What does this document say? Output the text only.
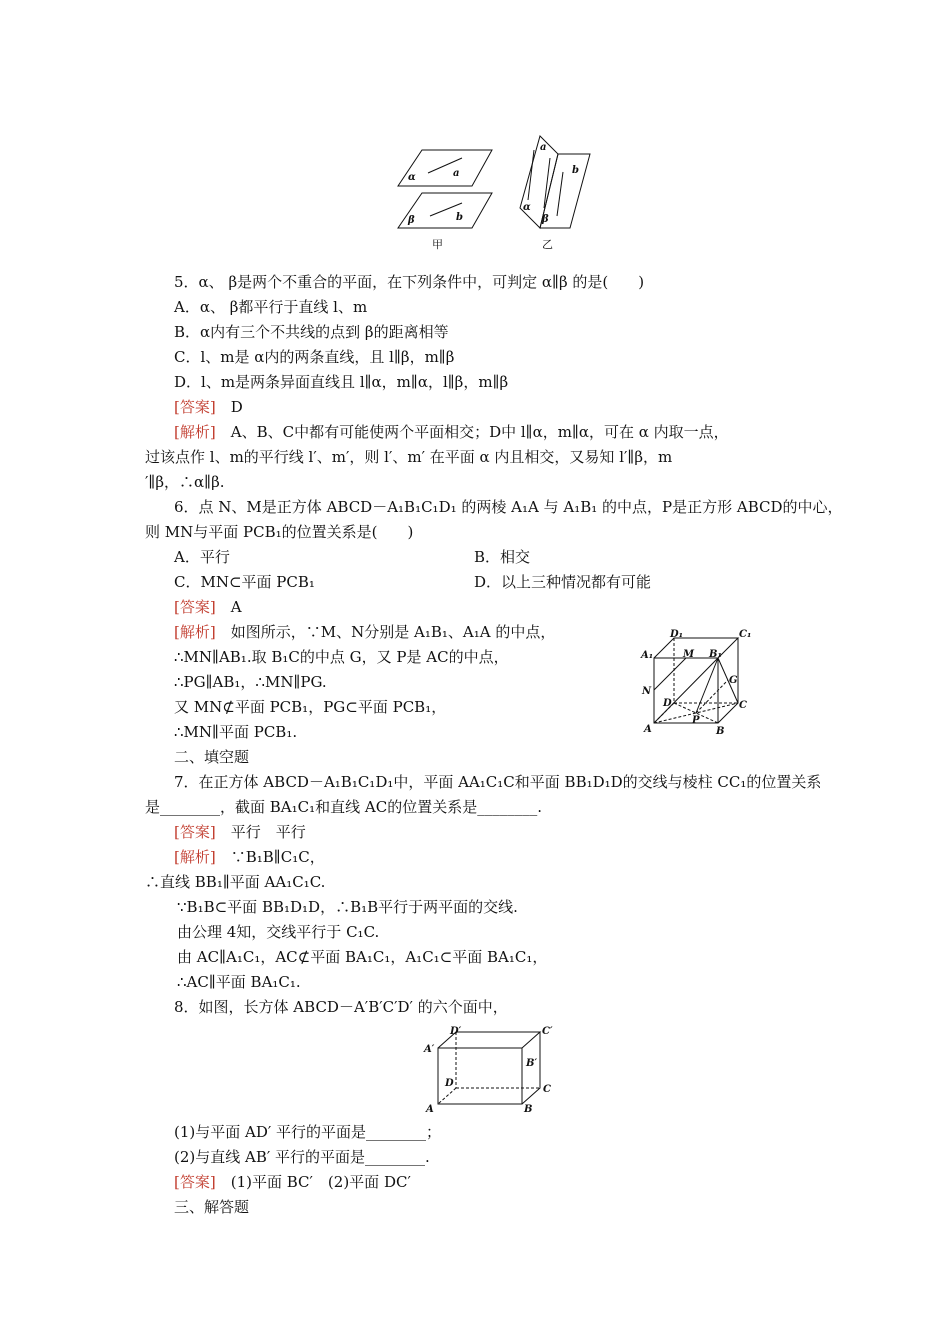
α	a
β	b
a
b
α
β
甲	乙
5．α、 β是两个不重合的平面，在下列条件中，可判定 α∥β 的是(　　)
A．α、 β都平行于直线 l、m
B．α内有三个不共线的点到 β的距离相等
C．l、m是 α内的两条直线，且 l∥β，m∥β
D．l、m是两条异面直线且 l∥α，m∥α，l∥β，m∥β
[答案]　 D
[解析]　 A、B、C中都有可能使两个平面相交；D中 l∥α，m∥α，可在 α 内取一点，
过该点作 l、m的平行线 l′、m′，则 l′、m′ 在平面 α 内且相交，又易知 l′∥β，m
′∥β，∴α∥β.
6．点 N、M是正方体 ABCD－A₁B₁C₁D₁ 的两棱 A₁A 与 A₁B₁ 的中点，P是正方形 ABCD的中心，
则 MN与平面 PCB₁的位置关系是(　　)
A．平行	B．相交
C．MN⊂平面 PCB₁	D．以上三种情况都有可能
[答案]　 A
[解析]　 如图所示，∵M、N分别是 A₁B₁、A₁A 的中点，
∴MN∥AB₁.取 B₁C的中点 G，又 P是 AC的中点，
∴PG∥AB₁，∴MN∥PG.
又 MN⊄平面 PCB₁，PG⊂平面 PCB₁，
∴MN∥平面 PCB₁.
D₁	C₁
A₁	M B₁
G
N
D	C
P
A	B
二、填空题
7．在正方体 ABCD－A₁B₁C₁D₁中，平面 AA₁C₁C和平面 BB₁D₁D的交线与棱柱 CC₁的位置关系
是________，截面 BA₁C₁和直线 AC的位置关系是________.
[答案]　 平行　平行
[解析]　 ∵B₁B∥C₁C，
∴直线 BB₁∥平面 AA₁C₁C.
∵B₁B⊂平面 BB₁D₁D，∴B₁B平行于两平面的交线.
由公理 4知，交线平行于 C₁C.
由 AC∥A₁C₁，AC⊄平面 BA₁C₁，A₁C₁⊂平面 BA₁C₁，
∴AC∥平面 BA₁C₁.
8．如图，长方体 ABCD－A′B′C′D′ 的六个面中，
D′	C′
A′
B′
D
C
A	B
(1)与平面 AD′ 平行的平面是________；
(2)与直线 AB′ 平行的平面是________.
[答案]　 (1)平面 BC′　(2)平面 DC′
三、解答题
